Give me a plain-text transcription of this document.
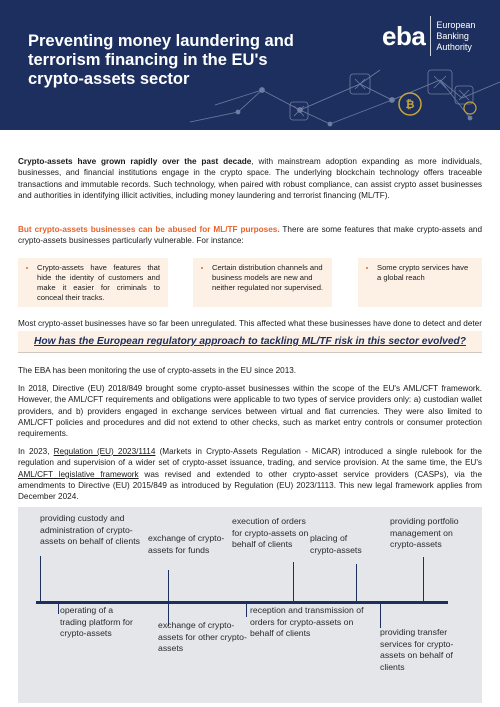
₿
Preventing money laundering and terrorism financing in the EU's crypto-assets sector
eba European
Banking
Authority

Crypto-assets have grown rapidly over the past decade, with mainstream adoption expanding as more individuals, businesses, and financial institutions engage in the crypto space. The underlying blockchain technology offers traceable transactions and immutable records. Such technology, when paired with robust compliance, can assist crypto asset businesses and authorities in identifying illicit activities, including money laundering and terrorist financing (ML/TF).

But crypto-assets businesses can be abused for ML/TF purposes. There are some features that make crypto-assets and crypto-assets businesses particularly vulnerable. For instance:

• Crypto-assets have features that hide the identity of customers and make it easier for criminals to conceal their tracks.
• Certain distribution channels and business models are new and neither regulated nor supervised.
• Some crypto services have a global reach

Most crypto-asset businesses have so far been unregulated. This affected what these businesses have done to detect and deter

How has the European regulatory approach to tackling ML/TF risk in this sector evolved?

The EBA has been monitoring the use of crypto-assets in the EU since 2013.

In 2018, Directive (EU) 2018/849 brought some crypto-asset businesses within the scope of the EU's AML/CFT framework. However, the AML/CFT requirements and obligations were applicable to two types of service providers only: a) custodian wallet providers, and b) providers engaged in exchange services between virtual and fiat currencies. They were also limited to AML/CFT policies and procedures and did not extend to other checks, such as market entry controls or consumer protection requirements.

In 2023, Regulation (EU) 2023/1114 (Markets in Crypto-Assets Regulation - MiCAR) introduced a single rulebook for the regulation and supervision of a wider set of crypto-asset issuance, trading, and service provision. At the same time, the EU's AML/CFT legislative framework was revised and extended to other crypto-asset service providers (CASPs), via the amendments to Directive (EU) 2015/849 as introduced by Regulation (EU) 2023/1113. This new legal framework applies from December 2024.

providing custody and administration of crypto-assets on behalf of clients exchange of crypto-assets for funds
execution of orders for crypto-assets on behalf of clients
placing of crypto-assets
providing portfolio management on crypto-assets
operating of a trading platform for crypto-assets
exchange of crypto-assets for other crypto-assets
reception and transmission of orders for crypto-assets on behalf of clients	providing transfer services for crypto-assets on behalf of clients
